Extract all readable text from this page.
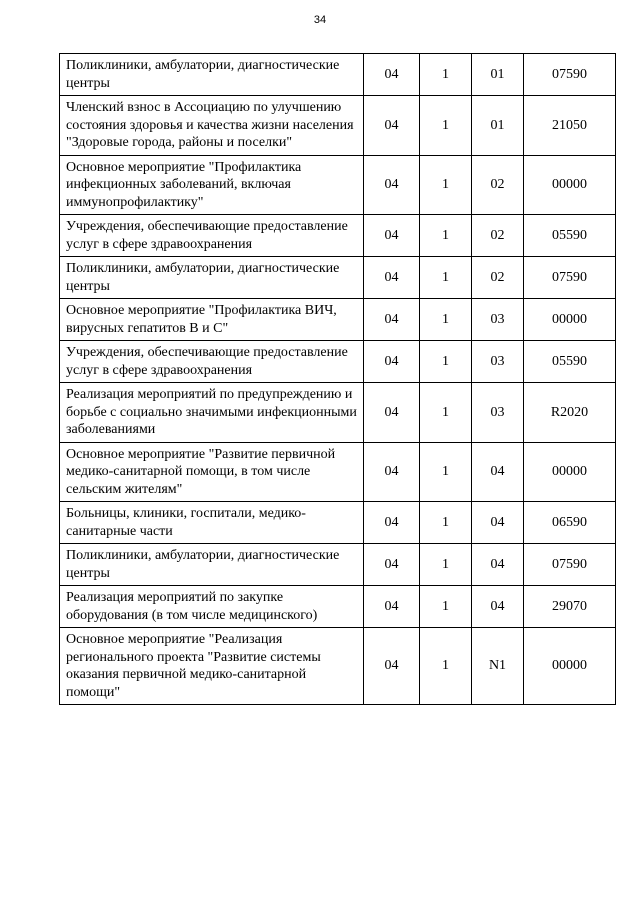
34
Поликлиники, амбулатории, диагностические центры	04	1	01	07590
Членский взнос в Ассоциацию по улучшению состояния здоровья и качества жизни населения "Здоровые города, районы и поселки"	04	1	01	21050
Основное мероприятие "Профилактика инфекционных заболеваний, включая иммунопрофилактику"	04	1	02	00000
Учреждения, обеспечивающие предоставление услуг в сфере здравоохранения	04	1	02	05590
Поликлиники, амбулатории, диагностические центры	04	1	02	07590
Основное мероприятие "Профилактика ВИЧ, вирусных гепатитов B и C"	04	1	03	00000
Учреждения, обеспечивающие предоставление услуг в сфере здравоохранения	04	1	03	05590
Реализация мероприятий по предупреждению и борьбе с социально значимыми инфекционными заболеваниями	04	1	03	R2020
Основное мероприятие "Развитие первичной медико-санитарной помощи, в том числе сельским жителям"	04	1	04	00000
Больницы, клиники, госпитали, медико-санитарные части	04	1	04	06590
Поликлиники, амбулатории, диагностические центры	04	1	04	07590
Реализация мероприятий по закупке оборудования (в том числе медицинского)	04	1	04	29070
Основное мероприятие "Реализация регионального проекта "Развитие системы оказания первичной медико-санитарной помощи"	04	1	N1	00000
